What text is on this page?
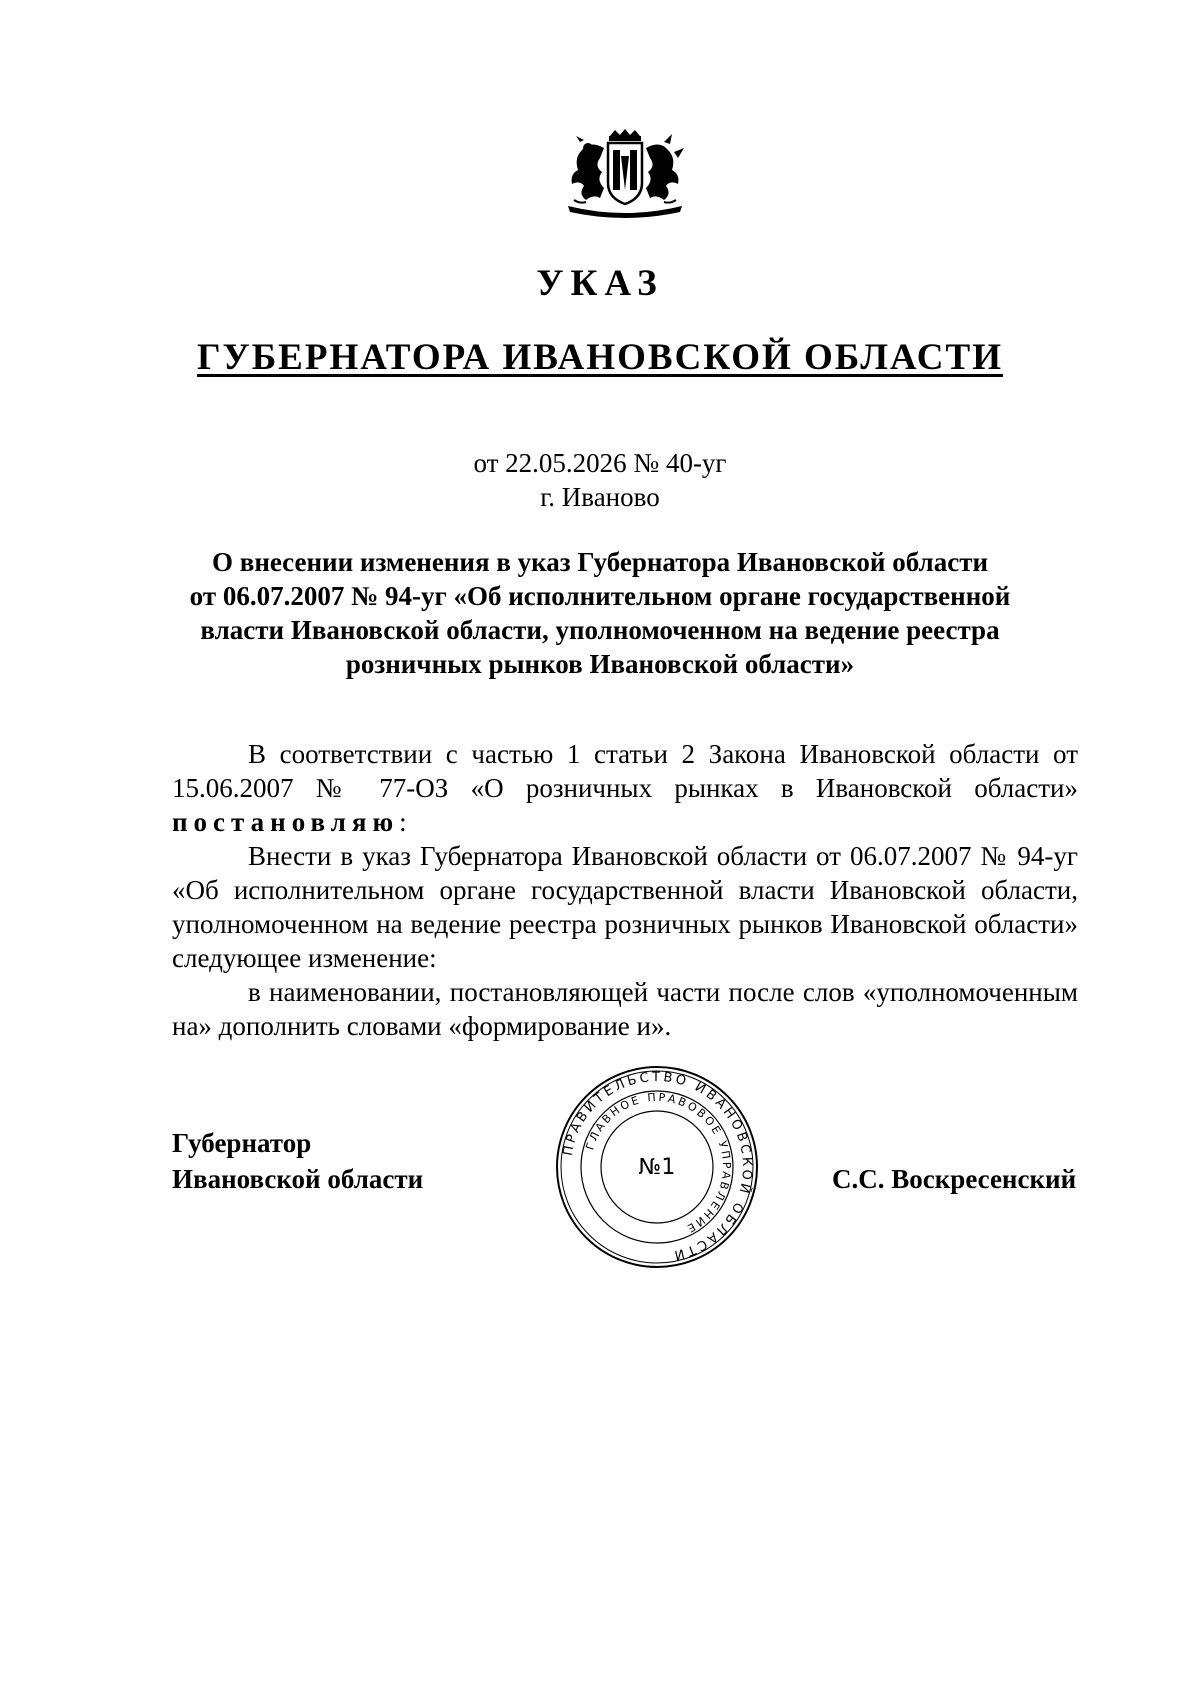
УКАЗ
ГУБЕРНАТОРА ИВАНОВСКОЙ ОБЛАСТИ
от 22.05.2026 № 40-уг
г. Иваново
О внесении изменения в указ Губернатора Ивановской области
от 06.07.2007 № 94-уг «Об исполнительном органе государственной
власти Ивановской области, уполномоченном на ведение реестра
розничных рынков Ивановской области»

В соответствии с частью 1 статьи 2 Закона Ивановской области от 15.06.2007 № 77-ОЗ «О розничных рынках в Ивановской области» постановляю:

Внести в указ Губернатора Ивановской области от 06.07.2007 № 94-уг «Об исполнительном органе государственной власти Ивановской области, уполномоченном на ведение реестра розничных рынков Ивановской области» следующее изменение:

в наименовании, постановляющей части после слов «уполномоченным на» дополнить словами «формирование и».

Губернатор
Ивановской области
ПРАВИТЕЛЬСТВО ИВАНОВСКОЙ ОБЛАСТИ
ГЛАВНОЕ ПРАВОВОЕ УПРАВЛЕНИЕ
№1	С.С. Воскресенский
